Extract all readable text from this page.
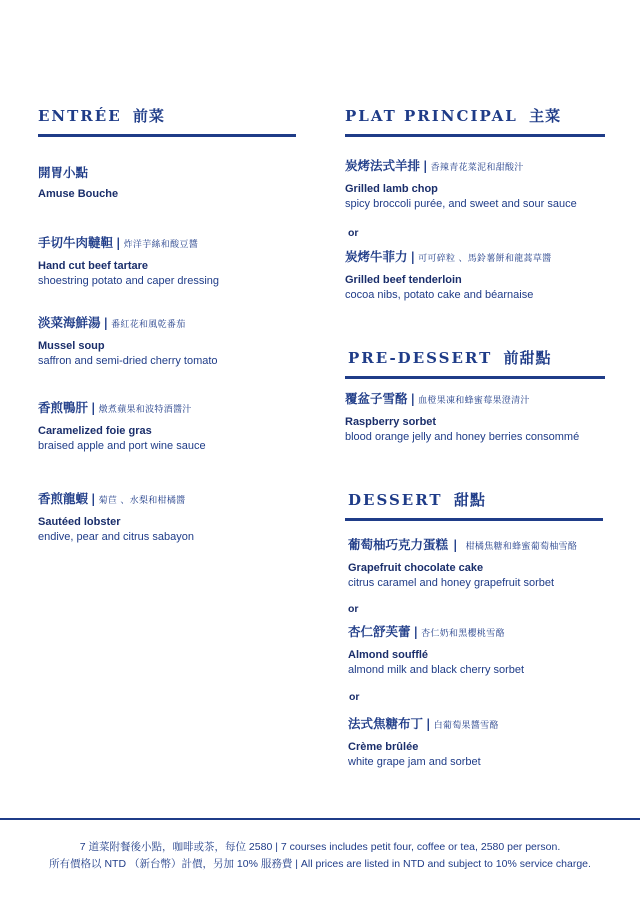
ENTRÉE 前菜
開胃小點
Amuse Bouche
手切牛肉韃靼 | 炸洋芋絲和酸豆醬
Hand cut beef tartare
shoestring potato and caper dressing
淡菜海鮮湯 | 番紅花和風乾番茄
Mussel soup
saffron and semi-dried cherry tomato
香煎鴨肝 | 燉煮蘋果和波特酒醬汁
Caramelized foie gras
braised apple and port wine sauce
香煎龍蝦 | 菊苣 、水梨和柑橘醬
Sautéed lobster
endive, pear and citrus sabayon
PLAT PRINCIPAL 主菜
炭烤法式羊排 | 香辣青花菜泥和甜酸汁
Grilled lamb chop
spicy broccoli purée, and sweet and sour sauce
or
炭烤牛菲力 | 可可碎粒 、馬鈴薯餅和龍蒿草醬
Grilled beef tenderloin
cocoa nibs, potato cake and béarnaise
PRE-DESSERT 前甜點
覆盆子雪酪 | 血橙果凍和蜂蜜莓果澄清汁
Raspberry sorbet
blood orange jelly and honey berries consommé
DESSERT 甜點
葡萄柚巧克力蛋糕 | 柑橘焦糖和蜂蜜葡萄柚雪酪
Grapefruit chocolate cake
citrus caramel and honey grapefruit sorbet
or
杏仁舒芙蕾 | 杏仁奶和黑櫻桃雪酪
Almond soufflé
almond milk and black cherry sorbet
or
法式焦糖布丁 | 白葡萄果醬雪酪
Crème brûlée
white grape jam and sorbet
7 道菜附餐後小點，咖啡或茶，每位 2580 | 7 courses includes petit four, coffee or tea, 2580 per person.
所有價格以 NTD （新台幣）計價，另加 10% 服務費 | All prices are listed in NTD and subject to 10% service charge.
